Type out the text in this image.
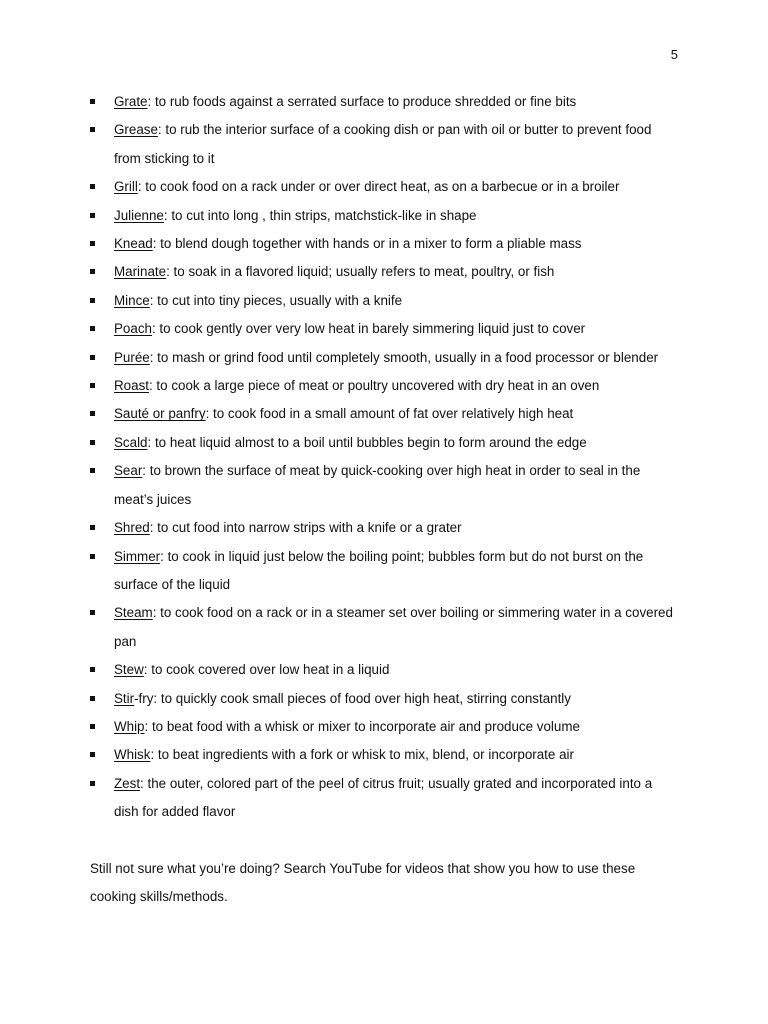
5
Grate: to rub foods against a serrated surface to produce shredded or fine bits
Grease: to rub the interior surface of a cooking dish or pan with oil or butter to prevent food from sticking to it
Grill: to cook food on a rack under or over direct heat, as on a barbecue or in a broiler
Julienne: to cut into long , thin strips, matchstick-like in shape
Knead: to blend dough together with hands or in a mixer to form a pliable mass
Marinate: to soak in a flavored liquid; usually refers to meat, poultry, or fish
Mince: to cut into tiny pieces, usually with a knife
Poach: to cook gently over very low heat in barely simmering liquid just to cover
Purée: to mash or grind food until completely smooth, usually in a food processor or blender
Roast: to cook a large piece of meat or poultry uncovered with dry heat in an oven
Sauté or panfry: to cook food in a small amount of fat over relatively high heat
Scald: to heat liquid almost to a boil until bubbles begin to form around the edge
Sear: to brown the surface of meat by quick-cooking over high heat in order to seal in the meat’s juices
Shred: to cut food into narrow strips with a knife or a grater
Simmer: to cook in liquid just below the boiling point; bubbles form but do not burst on the surface of the liquid
Steam: to cook food on a rack or in a steamer set over boiling or simmering water in a covered pan
Stew: to cook covered over low heat in a liquid
Stir-fry: to quickly cook small pieces of food over high heat, stirring constantly
Whip: to beat food with a whisk or mixer to incorporate air and produce volume
Whisk: to beat ingredients with a fork or whisk to mix, blend, or incorporate air
Zest: the outer, colored part of the peel of citrus fruit; usually grated and incorporated into a dish for added flavor

Still not sure what you’re doing? Search YouTube for videos that show you how to use these cooking skills/methods.
